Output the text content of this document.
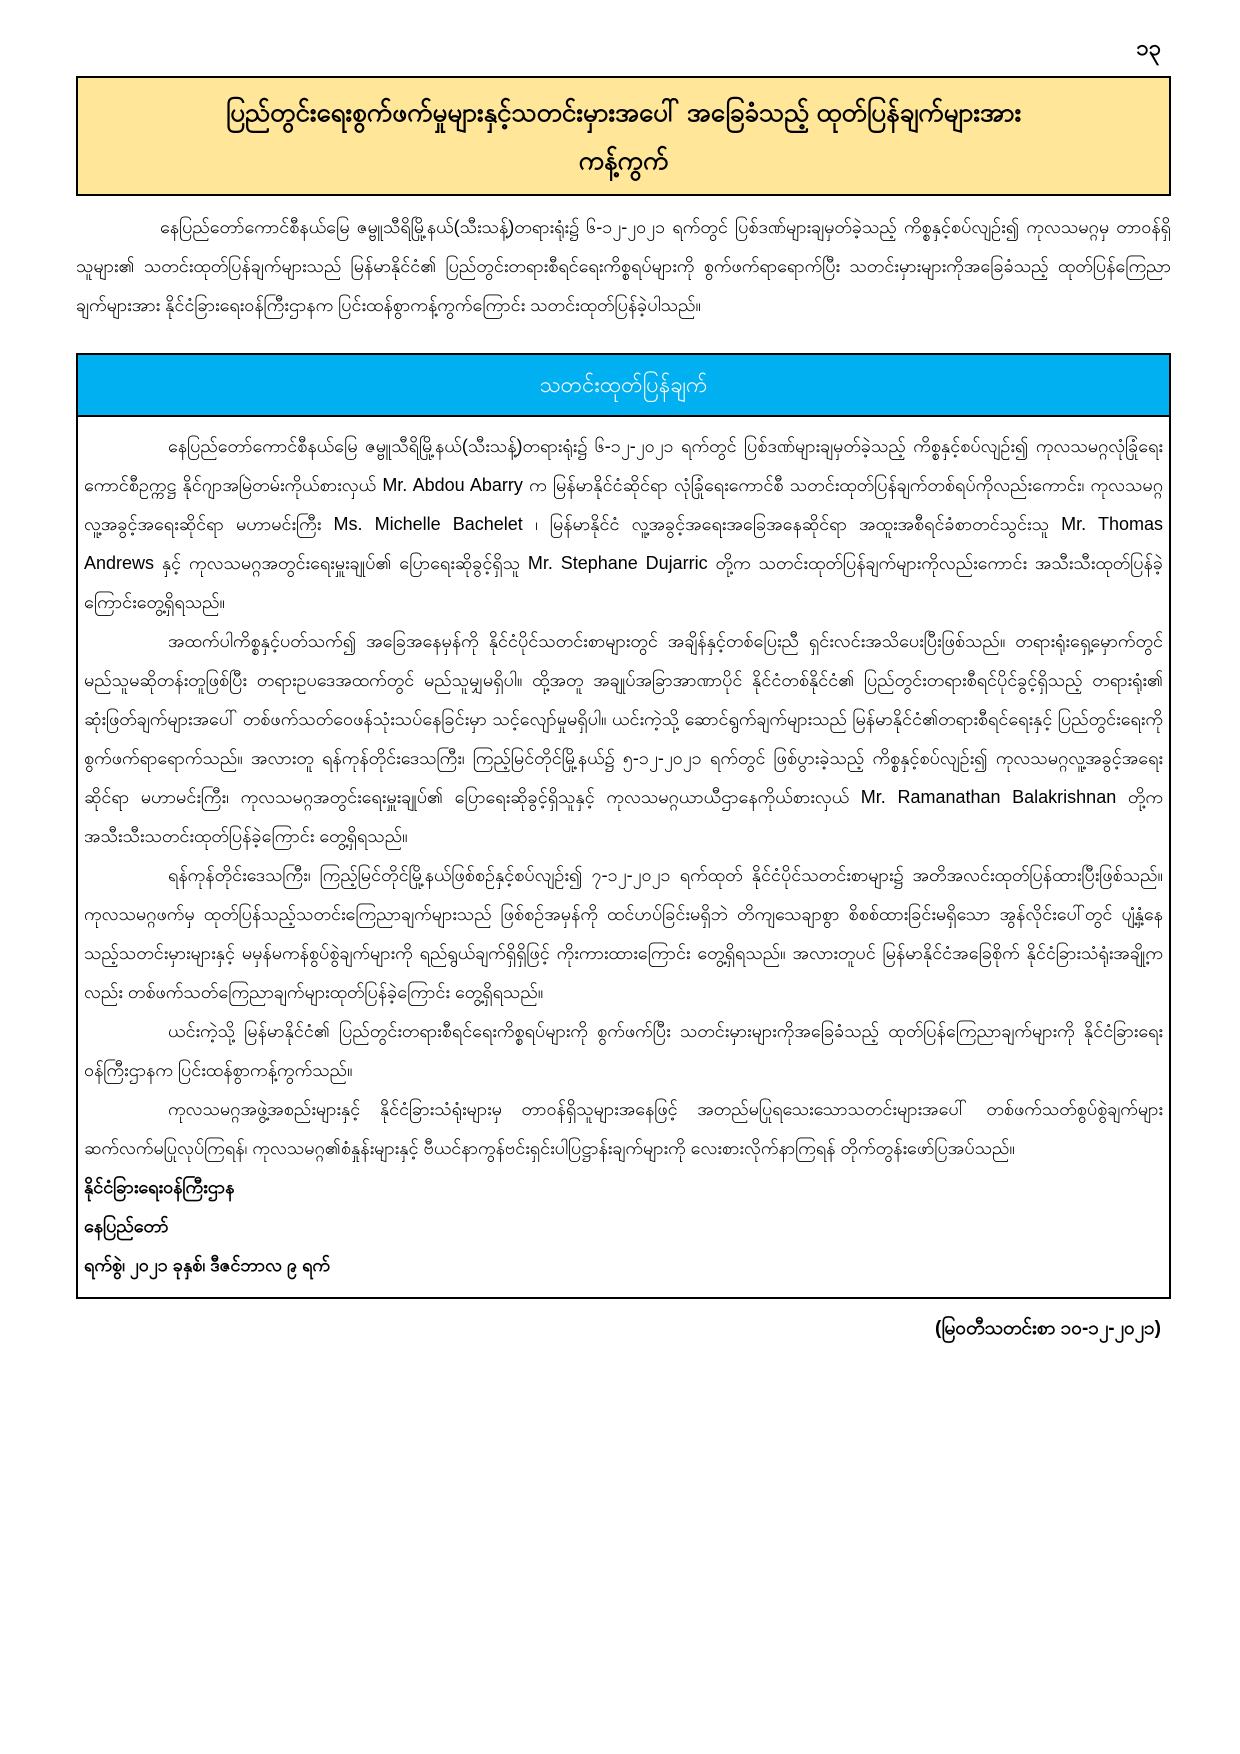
၁၃
ပြည်တွင်းရေးစွက်ဖက်မှုများနှင့်သတင်းမှားအပေါ် အခြေခံသည့် ထုတ်ပြန်ချက်များအား
ကန့်ကွက်

နေပြည်တော်ကောင်စီနယ်မြေ ဇမ္ဗူသီရိမြို့နယ်(သီးသန့်)တရားရုံး၌ ၆-၁၂-၂၀၂၁ ရက်တွင် ပြစ်ဒဏ်များချမှတ်ခဲ့သည့် ကိစ္စနှင့်စပ်လျဉ်း၍ ကုလသမဂ္ဂမှ တာဝန်ရှိသူများ၏ သတင်းထုတ်ပြန်ချက်များသည် မြန်မာနိုင်ငံ၏ ပြည်တွင်းတရားစီရင်ရေးကိစ္စရပ်များကို စွက်ဖက်ရာရောက်ပြီး သတင်းမှားများကိုအခြေခံသည့် ထုတ်ပြန်ကြေညာချက်များအား နိုင်ငံခြားရေးဝန်ကြီးဌာနက ပြင်းထန်စွာကန့်ကွက်ကြောင်း သတင်းထုတ်ပြန်ခဲ့ပါသည်။

သတင်းထုတ်ပြန်ချက်

နေပြည်တော်ကောင်စီနယ်မြေ ဇမ္ဗူသီရိမြို့နယ်(သီးသန့်)တရားရုံး၌ ၆-၁၂-၂၀၂၁ ရက်တွင် ပြစ်ဒဏ်များချမှတ်ခဲ့သည့် ကိစ္စနှင့်စပ်လျဉ်း၍ ကုလသမဂ္ဂလုံခြုံရေးကောင်စီဥက္ကဋ္ဌ နိုင်ဂျာအမြဲတမ်းကိုယ်စားလှယ် Mr. Abdou Abarry က မြန်မာနိုင်ငံဆိုင်ရာ လုံခြုံရေးကောင်စီ သတင်းထုတ်ပြန်ချက်တစ်ရပ်ကိုလည်းကောင်း၊ ကုလသမဂ္ဂလူ့အခွင့်အရေးဆိုင်ရာ မဟာမင်းကြီး Ms. Michelle Bachelet ၊ မြန်မာနိုင်ငံ လူ့အခွင့်အရေးအခြေအနေဆိုင်ရာ အထူးအစီရင်ခံစာတင်သွင်းသူ Mr. Thomas Andrews နှင့် ကုလသမဂ္ဂအတွင်းရေးမှူးချုပ်၏ ပြောရေးဆိုခွင့်ရှိသူ Mr. Stephane Dujarric တို့က သတင်းထုတ်ပြန်ချက်များကိုလည်းကောင်း အသီးသီးထုတ်ပြန်ခဲ့ကြောင်းတွေ့ရှိရသည်။

အထက်ပါကိစ္စနှင့်ပတ်သက်၍ အခြေအနေမှန်ကို နိုင်ငံပိုင်သတင်းစာများတွင် အချိန်နှင့်တစ်ပြေးညီ ရှင်းလင်းအသိပေးပြီးဖြစ်သည်။ တရားရုံးရှေ့မှောက်တွင် မည်သူမဆိုတန်းတူဖြစ်ပြီး တရားဥပဒေအထက်တွင် မည်သူမျှမရှိပါ။ ထို့အတူ အချုပ်အခြာအာဏာပိုင် နိုင်ငံတစ်နိုင်ငံ၏ ပြည်တွင်းတရားစီရင်ပိုင်ခွင့်ရှိသည့် တရားရုံး၏ ဆုံးဖြတ်ချက်များအပေါ် တစ်ဖက်သတ်ဝေဖန်သုံးသပ်နေခြင်းမှာ သင့်လျော်မှုမရှိပါ။ ယင်းကဲ့သို့ ဆောင်ရွက်ချက်များသည် မြန်မာနိုင်ငံ၏တရားစီရင်ရေးနှင့် ပြည်တွင်းရေးကို စွက်ဖက်ရာရောက်သည်။ အလားတူ ရန်ကုန်တိုင်းဒေသကြီး၊ ကြည့်မြင်တိုင်မြို့နယ်၌ ၅-၁၂-၂၀၂၁ ရက်တွင် ဖြစ်ပွားခဲ့သည့် ကိစ္စနှင့်စပ်လျဉ်း၍ ကုလသမဂ္ဂလူ့အခွင့်အရေးဆိုင်ရာ မဟာမင်းကြီး၊ ကုလသမဂ္ဂအတွင်းရေးမှူးချုပ်၏ ပြောရေးဆိုခွင့်ရှိသူနှင့် ကုလသမဂ္ဂယာယီဌာနေကိုယ်စားလှယ် Mr. Ramanathan Balakrishnan တို့က အသီးသီးသတင်းထုတ်ပြန်ခဲ့ကြောင်း တွေ့ရှိရသည်။

ရန်ကုန်တိုင်းဒေသကြီး၊ ကြည့်မြင်တိုင်မြို့နယ်ဖြစ်စဉ်နှင့်စပ်လျဉ်း၍ ၇-၁၂-၂၀၂၁ ရက်ထုတ် နိုင်ငံပိုင်သတင်းစာများ၌ အတိအလင်းထုတ်ပြန်ထားပြီးဖြစ်သည်။ ကုလသမဂ္ဂဖက်မှ ထုတ်ပြန်သည့်သတင်းကြေညာချက်များသည် ဖြစ်စဉ်အမှန်ကို ထင်ဟပ်ခြင်းမရှိဘဲ တိကျသေချာစွာ စိစစ်ထားခြင်းမရှိသော အွန်လိုင်းပေါ်တွင် ပျံ့နှံ့နေသည့်သတင်းမှားများနှင့် မမှန်မကန်စွပ်စွဲချက်များကို ရည်ရွယ်ချက်ရှိရှိဖြင့် ကိုးကားထားကြောင်း တွေ့ရှိရသည်။ အလားတူပင် မြန်မာနိုင်ငံအခြေစိုက် နိုင်ငံခြားသံရုံးအချို့ကလည်း တစ်ဖက်သတ်ကြေညာချက်များထုတ်ပြန်ခဲ့ကြောင်း တွေ့ရှိရသည်။

ယင်းကဲ့သို့ မြန်မာနိုင်ငံ၏ ပြည်တွင်းတရားစီရင်ရေးကိစ္စရပ်များကို စွက်ဖက်ပြီး သတင်းမှားများကိုအခြေခံသည့် ထုတ်ပြန်ကြေညာချက်များကို နိုင်ငံခြားရေးဝန်ကြီးဌာနက ပြင်းထန်စွာကန့်ကွက်သည်။

ကုလသမဂ္ဂအဖွဲ့အစည်းများနှင့် နိုင်ငံခြားသံရုံးများမှ တာဝန်ရှိသူများအနေဖြင့် အတည်မပြုရသေးသောသတင်းများအပေါ် တစ်ဖက်သတ်စွပ်စွဲချက်များ ဆက်လက်မပြုလုပ်ကြရန်၊ ကုလသမဂ္ဂ၏စံနှုန်းများနှင့် ဗီယင်နာကွန်ဗင်းရှင်းပါပြဋ္ဌာန်းချက်များကို လေးစားလိုက်နာကြရန် တိုက်တွန်းဖော်ပြအပ်သည်။

နိုင်ငံခြားရေးဝန်ကြီးဌာန
နေပြည်တော်
ရက်စွဲ၊ ၂၀၂၁ ခုနှစ်၊ ဒီဇင်ဘာလ ၉ ရက်
(မြဝတီသတင်းစာ ၁၀-၁၂-၂၀၂၁)
